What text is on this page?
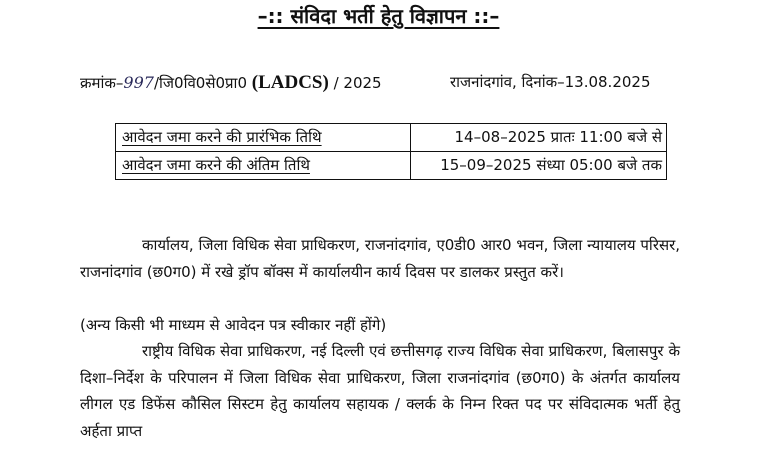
–:: संविदा भर्ती हेतु विज्ञापन ::–
क्रमांक–997/जि0वि0से0प्रा0 (LADCS) / 2025	राजनांदगांव, दिनांक–13.08.2025
आवेदन जमा करने की प्रारंभिक तिथि	14–08–2025 प्रातः 11:00 बजे से
आवेदन जमा करने की अंतिम तिथि	15–09–2025 संध्या 05:00 बजे तक

कार्यालय, जिला विधिक सेवा प्राधिकरण, राजनांदगांव, ए0डी0 आर0 भवन, जिला न्यायालय परिसर, राजनांदगांव (छ0ग0) में रखे ड्रॉप बॉक्स में कार्यालयीन कार्य दिवस पर डालकर प्रस्तुत करें।

(अन्य किसी भी माध्यम से आवेदन पत्र स्वीकार नहीं होंगे)

राष्ट्रीय विधिक सेवा प्राधिकरण, नई दिल्ली एवं छत्तीसगढ़ राज्य विधिक सेवा प्राधिकरण, बिलासपुर के दिशा–निर्देश के परिपालन में जिला विधिक सेवा प्राधिकरण, जिला राजनांदगांव (छ0ग0) के अंतर्गत कार्यालय लीगल एड डिफेंस कौसिल सिस्टम हेतु कार्यालय सहायक / क्लर्क के निम्न रिक्त पद पर संविदात्मक भर्ती हेतु अर्हता प्राप्त
